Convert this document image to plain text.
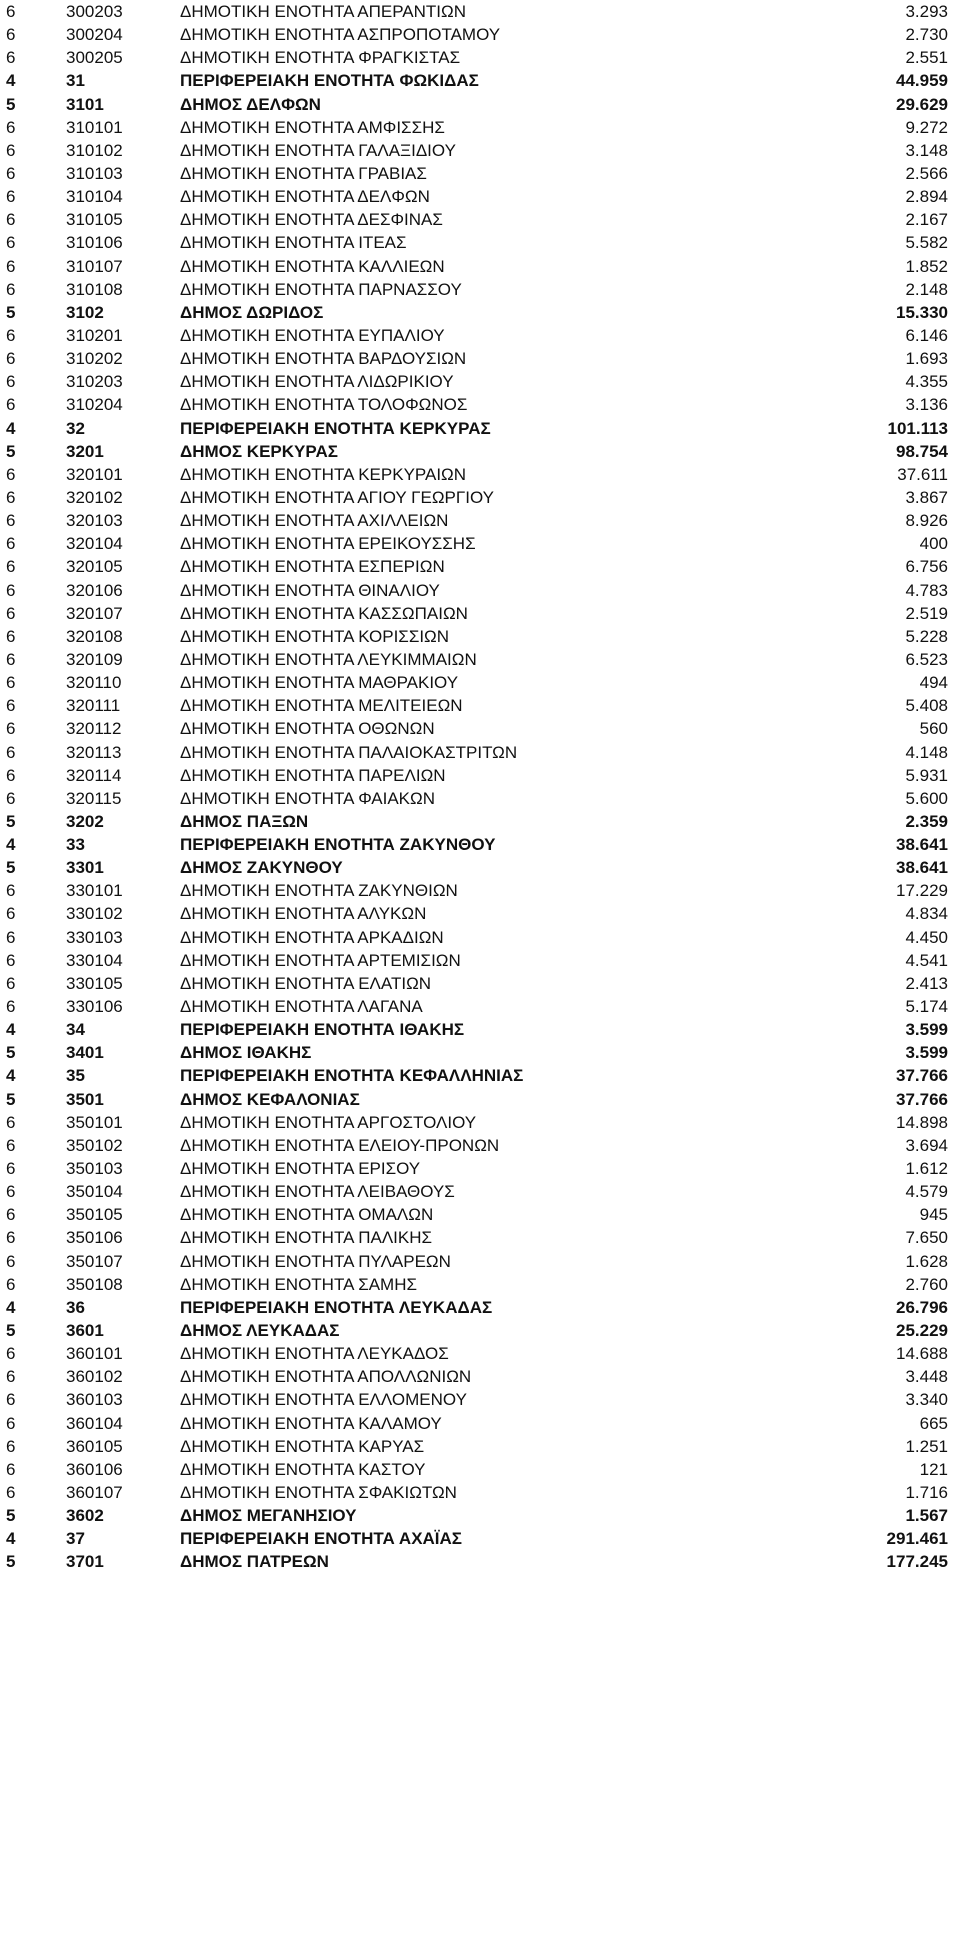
6	300203	ΔΗΜΟΤΙΚΗ ΕΝΟΤΗΤΑ ΑΠΕΡΑΝΤΙΩΝ	3.293
6	300204	ΔΗΜΟΤΙΚΗ ΕΝΟΤΗΤΑ ΑΣΠΡΟΠΟΤΑΜΟΥ	2.730
6	300205	ΔΗΜΟΤΙΚΗ ΕΝΟΤΗΤΑ ΦΡΑΓΚΙΣΤΑΣ	2.551
4	31	ΠΕΡΙΦΕΡΕΙΑΚΗ ΕΝΟΤΗΤΑ ΦΩΚΙΔΑΣ	44.959
5	3101	ΔΗΜΟΣ ΔΕΛΦΩΝ	29.629
6	310101	ΔΗΜΟΤΙΚΗ ΕΝΟΤΗΤΑ ΑΜΦΙΣΣΗΣ	9.272
6	310102	ΔΗΜΟΤΙΚΗ ΕΝΟΤΗΤΑ ΓΑΛΑΞΙΔΙΟΥ	3.148
6	310103	ΔΗΜΟΤΙΚΗ ΕΝΟΤΗΤΑ ΓΡΑΒΙΑΣ	2.566
6	310104	ΔΗΜΟΤΙΚΗ ΕΝΟΤΗΤΑ ΔΕΛΦΩΝ	2.894
6	310105	ΔΗΜΟΤΙΚΗ ΕΝΟΤΗΤΑ ΔΕΣΦΙΝΑΣ	2.167
6	310106	ΔΗΜΟΤΙΚΗ ΕΝΟΤΗΤΑ ΙΤΕΑΣ	5.582
6	310107	ΔΗΜΟΤΙΚΗ ΕΝΟΤΗΤΑ ΚΑΛΛΙΕΩΝ	1.852
6	310108	ΔΗΜΟΤΙΚΗ ΕΝΟΤΗΤΑ ΠΑΡΝΑΣΣΟΥ	2.148
5	3102	ΔΗΜΟΣ ΔΩΡΙΔΟΣ	15.330
6	310201	ΔΗΜΟΤΙΚΗ ΕΝΟΤΗΤΑ ΕΥΠΑΛΙΟΥ	6.146
6	310202	ΔΗΜΟΤΙΚΗ ΕΝΟΤΗΤΑ ΒΑΡΔΟΥΣΙΩΝ	1.693
6	310203	ΔΗΜΟΤΙΚΗ ΕΝΟΤΗΤΑ ΛΙΔΩΡΙΚΙΟΥ	4.355
6	310204	ΔΗΜΟΤΙΚΗ ΕΝΟΤΗΤΑ ΤΟΛΟΦΩΝΟΣ	3.136
4	32	ΠΕΡΙΦΕΡΕΙΑΚΗ ΕΝΟΤΗΤΑ ΚΕΡΚΥΡΑΣ	101.113
5	3201	ΔΗΜΟΣ ΚΕΡΚΥΡΑΣ	98.754
6	320101	ΔΗΜΟΤΙΚΗ ΕΝΟΤΗΤΑ ΚΕΡΚΥΡΑΙΩΝ	37.611
6	320102	ΔΗΜΟΤΙΚΗ ΕΝΟΤΗΤΑ ΑΓΙΟΥ ΓΕΩΡΓΙΟΥ	3.867
6	320103	ΔΗΜΟΤΙΚΗ ΕΝΟΤΗΤΑ ΑΧΙΛΛΕΙΩΝ	8.926
6	320104	ΔΗΜΟΤΙΚΗ ΕΝΟΤΗΤΑ ΕΡΕΙΚΟΥΣΣΗΣ	400
6	320105	ΔΗΜΟΤΙΚΗ ΕΝΟΤΗΤΑ ΕΣΠΕΡΙΩΝ	6.756
6	320106	ΔΗΜΟΤΙΚΗ ΕΝΟΤΗΤΑ ΘΙΝΑΛΙΟΥ	4.783
6	320107	ΔΗΜΟΤΙΚΗ ΕΝΟΤΗΤΑ ΚΑΣΣΩΠΑΙΩΝ	2.519
6	320108	ΔΗΜΟΤΙΚΗ ΕΝΟΤΗΤΑ ΚΟΡΙΣΣΙΩΝ	5.228
6	320109	ΔΗΜΟΤΙΚΗ ΕΝΟΤΗΤΑ ΛΕΥΚΙΜΜΑΙΩΝ	6.523
6	320110	ΔΗΜΟΤΙΚΗ ΕΝΟΤΗΤΑ ΜΑΘΡΑΚΙΟΥ	494
6	320111	ΔΗΜΟΤΙΚΗ ΕΝΟΤΗΤΑ ΜΕΛΙΤΕΙΕΩΝ	5.408
6	320112	ΔΗΜΟΤΙΚΗ ΕΝΟΤΗΤΑ ΟΘΩΝΩΝ	560
6	320113	ΔΗΜΟΤΙΚΗ ΕΝΟΤΗΤΑ ΠΑΛΑΙΟΚΑΣΤΡΙΤΩΝ	4.148
6	320114	ΔΗΜΟΤΙΚΗ ΕΝΟΤΗΤΑ ΠΑΡΕΛΙΩΝ	5.931
6	320115	ΔΗΜΟΤΙΚΗ ΕΝΟΤΗΤΑ ΦΑΙΑΚΩΝ	5.600
5	3202	ΔΗΜΟΣ ΠΑΞΩΝ	2.359
4	33	ΠΕΡΙΦΕΡΕΙΑΚΗ ΕΝΟΤΗΤΑ ΖΑΚΥΝΘΟΥ	38.641
5	3301	ΔΗΜΟΣ ΖΑΚΥΝΘΟΥ	38.641
6	330101	ΔΗΜΟΤΙΚΗ ΕΝΟΤΗΤΑ ΖΑΚΥΝΘΙΩΝ	17.229
6	330102	ΔΗΜΟΤΙΚΗ ΕΝΟΤΗΤΑ ΑΛΥΚΩΝ	4.834
6	330103	ΔΗΜΟΤΙΚΗ ΕΝΟΤΗΤΑ ΑΡΚΑΔΙΩΝ	4.450
6	330104	ΔΗΜΟΤΙΚΗ ΕΝΟΤΗΤΑ ΑΡΤΕΜΙΣΙΩΝ	4.541
6	330105	ΔΗΜΟΤΙΚΗ ΕΝΟΤΗΤΑ ΕΛΑΤΙΩΝ	2.413
6	330106	ΔΗΜΟΤΙΚΗ ΕΝΟΤΗΤΑ ΛΑΓΑΝΑ	5.174
4	34	ΠΕΡΙΦΕΡΕΙΑΚΗ ΕΝΟΤΗΤΑ ΙΘΑΚΗΣ	3.599
5	3401	ΔΗΜΟΣ ΙΘΑΚΗΣ	3.599
4	35	ΠΕΡΙΦΕΡΕΙΑΚΗ ΕΝΟΤΗΤΑ ΚΕΦΑΛΛΗΝΙΑΣ	37.766
5	3501	ΔΗΜΟΣ ΚΕΦΑΛΟΝΙΑΣ	37.766
6	350101	ΔΗΜΟΤΙΚΗ ΕΝΟΤΗΤΑ ΑΡΓΟΣΤΟΛΙΟΥ	14.898
6	350102	ΔΗΜΟΤΙΚΗ ΕΝΟΤΗΤΑ ΕΛΕΙΟΥ-ΠΡΟΝΩΝ	3.694
6	350103	ΔΗΜΟΤΙΚΗ ΕΝΟΤΗΤΑ ΕΡΙΣΟΥ	1.612
6	350104	ΔΗΜΟΤΙΚΗ ΕΝΟΤΗΤΑ ΛΕΙΒΑΘΟΥΣ	4.579
6	350105	ΔΗΜΟΤΙΚΗ ΕΝΟΤΗΤΑ ΟΜΑΛΩΝ	945
6	350106	ΔΗΜΟΤΙΚΗ ΕΝΟΤΗΤΑ ΠΑΛΙΚΗΣ	7.650
6	350107	ΔΗΜΟΤΙΚΗ ΕΝΟΤΗΤΑ ΠΥΛΑΡΕΩΝ	1.628
6	350108	ΔΗΜΟΤΙΚΗ ΕΝΟΤΗΤΑ ΣΑΜΗΣ	2.760
4	36	ΠΕΡΙΦΕΡΕΙΑΚΗ ΕΝΟΤΗΤΑ ΛΕΥΚΑΔΑΣ	26.796
5	3601	ΔΗΜΟΣ ΛΕΥΚΑΔΑΣ	25.229
6	360101	ΔΗΜΟΤΙΚΗ ΕΝΟΤΗΤΑ ΛΕΥΚΑΔΟΣ	14.688
6	360102	ΔΗΜΟΤΙΚΗ ΕΝΟΤΗΤΑ ΑΠΟΛΛΩΝΙΩΝ	3.448
6	360103	ΔΗΜΟΤΙΚΗ ΕΝΟΤΗΤΑ ΕΛΛΟΜΕΝΟΥ	3.340
6	360104	ΔΗΜΟΤΙΚΗ ΕΝΟΤΗΤΑ ΚΑΛΑΜΟΥ	665
6	360105	ΔΗΜΟΤΙΚΗ ΕΝΟΤΗΤΑ ΚΑΡΥΑΣ	1.251
6	360106	ΔΗΜΟΤΙΚΗ ΕΝΟΤΗΤΑ ΚΑΣΤΟΥ	121
6	360107	ΔΗΜΟΤΙΚΗ ΕΝΟΤΗΤΑ ΣΦΑΚΙΩΤΩΝ	1.716
5	3602	ΔΗΜΟΣ ΜΕΓΑΝΗΣΙΟΥ	1.567
4	37	ΠΕΡΙΦΕΡΕΙΑΚΗ ΕΝΟΤΗΤΑ ΑΧΑΪΑΣ	291.461
5	3701	ΔΗΜΟΣ ΠΑΤΡΕΩΝ	177.245
